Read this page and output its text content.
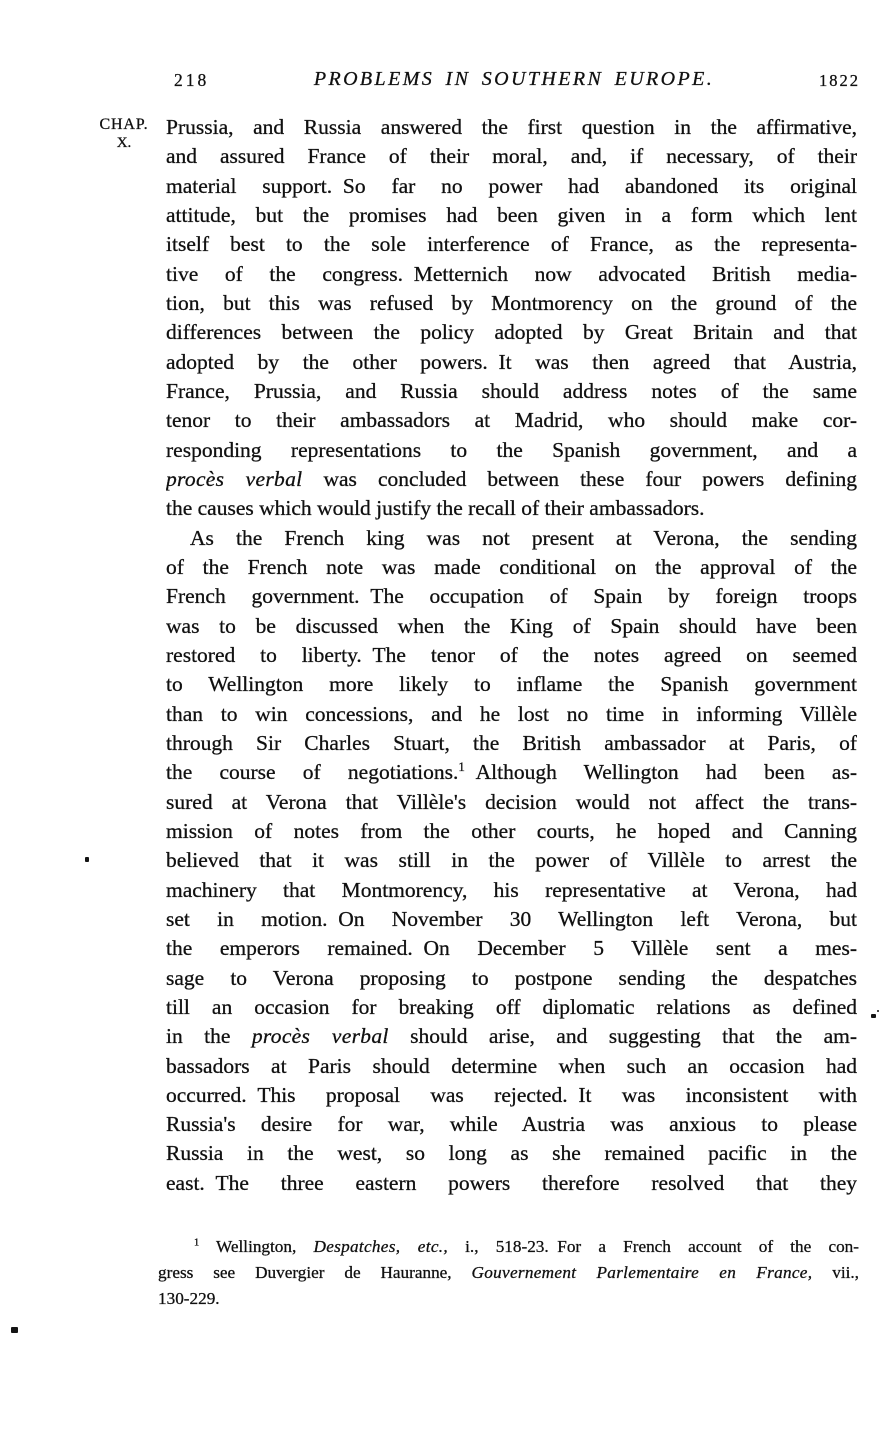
218	PROBLEMS IN SOUTHERN EUROPE.	1822
CHAP.
X.
Prussia, and Russia answered the first question in the affirmative,
and assured France of their moral, and, if necessary, of their
material support. So far no power had abandoned its original
attitude, but the promises had been given in a form which lent
itself best to the sole interference of France, as the representa-
tive of the congress. Metternich now advocated British media-
tion, but this was refused by Montmorency on the ground of the
differences between the policy adopted by Great Britain and that
adopted by the other powers. It was then agreed that Austria,
France, Prussia, and Russia should address notes of the same
tenor to their ambassadors at Madrid, who should make cor-
responding representations to the Spanish government, and a
procès verbal was concluded between these four powers defining
the causes which would justify the recall of their ambassadors.
As the French king was not present at Verona, the sending
of the French note was made conditional on the approval of the
French government. The occupation of Spain by foreign troops
was to be discussed when the King of Spain should have been
restored to liberty. The tenor of the notes agreed on seemed
to Wellington more likely to inflame the Spanish government
than to win concessions, and he lost no time in informing Villèle
through Sir Charles Stuart, the British ambassador at Paris, of
the course of negotiations.$^1$ Although Wellington had been as-
sured at Verona that Villèle's decision would not affect the trans-
mission of notes from the other courts, he hoped and Canning
believed that it was still in the power of Villèle to arrest the
machinery that Montmorency, his representative at Verona, had
set in motion. On November 30 Wellington left Verona, but
the emperors remained. On December 5 Villèle sent a mes-
sage to Verona proposing to postpone sending the despatches
till an occasion for breaking off diplomatic relations as defined
in the procès verbal should arise, and suggesting that the am-
bassadors at Paris should determine when such an occasion had
occurred. This proposal was rejected. It was inconsistent with
Russia's desire for war, while Austria was anxious to please
Russia in the west, so long as she remained pacific in the
east. The three eastern powers therefore resolved that they
$^1$ Wellington, Despatches, etc., i., 518-23. For a French account of the con-
gress see Duvergier de Hauranne, Gouvernement Parlementaire en France, vii.,
130-229.
